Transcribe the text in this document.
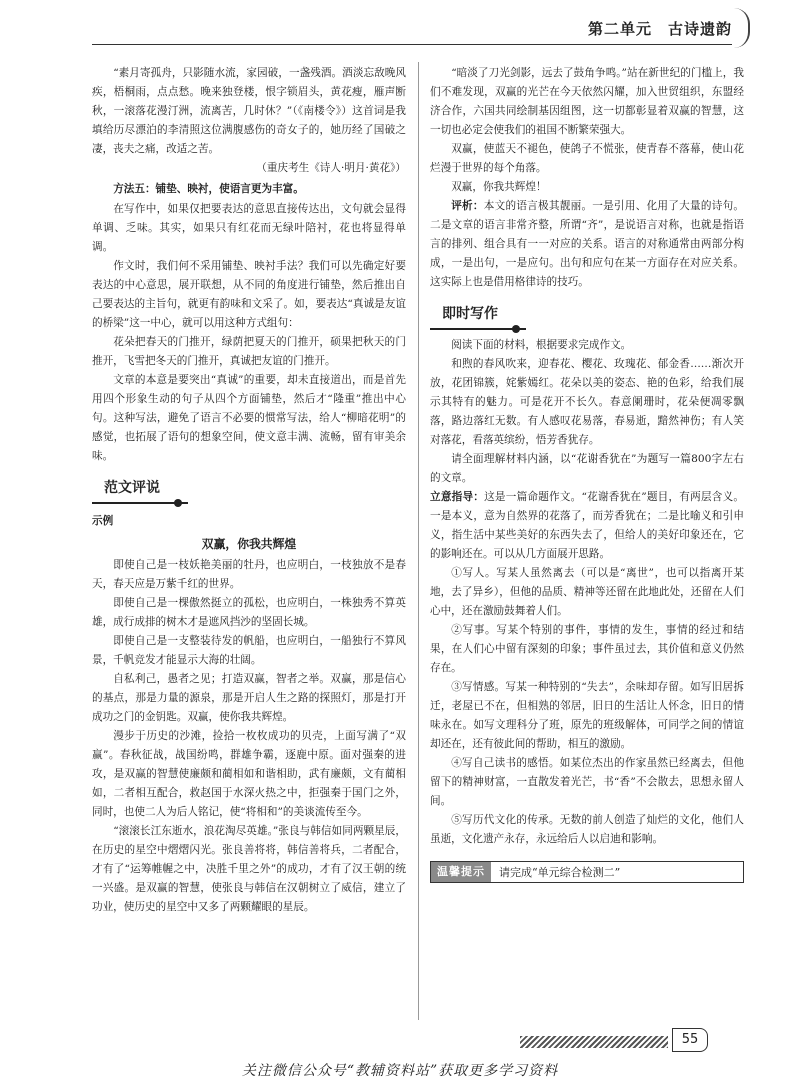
第二单元　古诗遗韵

“素月寄孤舟，只影随水流，家园破，一盏残酒。酒淡忘敌晚风疾，梧桐雨，点点愁。晚来独登楼，恨字锁眉头，黄花瘦，雁声断秋，一滚落花漫汀洲，流离苦，几时休？”（《南楼令》）这首词是我填给历尽漂泊的李清照这位满腹感伤的奇女子的，她历经了国破之凄，丧夫之痛，改适之苦。

（重庆考生《诗人·明月·黄花》）

方法五：铺垫、映衬，使语言更为丰富。

在写作中，如果仅把要表达的意思直接传达出，文句就会显得单调、乏味。其实，如果只有红花而无绿叶陪衬，花也将显得单调。

作文时，我们何不采用铺垫、映衬手法？我们可以先确定好要表达的中心意思，展开联想，从不同的角度进行铺垫，然后推出自己要表达的主旨句，就更有韵味和文采了。如，要表达“真诚是友谊的桥梁”这一中心，就可以用这种方式组句：

花朵把春天的门推开，绿荫把夏天的门推开，硕果把秋天的门推开，飞雪把冬天的门推开，真诚把友谊的门推开。

文章的本意是要突出“真诚”的重要，却未直接道出，而是首先用四个形象生动的句子从四个方面铺垫，然后才“隆重”推出中心句。这种写法，避免了语言不必要的惯常写法，给人“柳暗花明”的感觉，也拓展了语句的想象空间，使文意丰满、流畅，留有审美余味。

范文评说

示例

双赢，你我共辉煌

即使自己是一枝妖艳美丽的牡丹，也应明白，一枝独放不是春天，春天应是万紫千红的世界。

即使自己是一棵傲然挺立的孤松，也应明白，一株独秀不算英雄，成行成排的树木才是遮风挡沙的坚固长城。

即使自己是一支整装待发的帆船，也应明白，一船独行不算风景，千帆竞发才能显示大海的壮阔。

自私利己，愚者之见；打造双赢，智者之举。双赢，那是信心的基点，那是力量的源泉，那是开启人生之路的探照灯，那是打开成功之门的金钥匙。双赢，使你我共辉煌。

漫步于历史的沙滩，捡拾一枚枚成功的贝壳，上面写满了“双赢”。春秋征战，战国纷鸣，群雄争霸，逐鹿中原。面对强秦的进攻，是双赢的智慧使廉颇和蔺相如和谐相助，武有廉颇，文有蔺相如，二者相互配合，救赵国于水深火热之中，拒强秦于国门之外，同时，也使二人为后人铭记，使“将相和”的美谈流传至今。

“滚滚长江东逝水，浪花淘尽英雄。”张良与韩信如同两颗星辰，在历史的星空中熠熠闪光。张良善将将，韩信善将兵，二者配合，才有了“运筹帷幄之中，决胜千里之外”的成功，才有了汉王朝的统一兴盛。是双赢的智慧，使张良与韩信在汉朝树立了威信，建立了功业，使历史的星空中又多了两颗耀眼的星辰。

“暗淡了刀光剑影，远去了鼓角争鸣。”站在新世纪的门槛上，我们不难发现，双赢的光芒在今天依然闪耀，加入世贸组织，东盟经济合作，六国共同绘制基因组图，这一切都彰显着双赢的智慧，这一切也必定会使我们的祖国不断繁荣强大。

双赢，使蓝天不褪色，使鸽子不慌张，使青春不落幕，使山花烂漫于世界的每个角落。

双赢，你我共辉煌！

评析：本文的语言极其靓丽。一是引用、化用了大量的诗句。二是文章的语言非常齐整，所谓“齐”，是说语言对称，也就是指语言的排列、组合具有一一对应的关系。语言的对称通常由两部分构成，一是出句，一是应句。出句和应句在某一方面存在对应关系。这实际上也是借用格律诗的技巧。

即时写作

阅读下面的材料，根据要求完成作文。

和煦的春风吹来，迎春花、樱花、玫瑰花、郁金香……渐次开放，花团锦簇，姹紫嫣红。花朵以美的姿态、艳的色彩，给我们展示其特有的魅力。可是花开不长久。春意阑珊时，花朵便凋零飘落，路边落红无数。有人感叹花易落，春易逝，黯然神伤；有人笑对落花，看落英缤纷，悟芳香犹存。

请全面理解材料内涵，以“花谢香犹在”为题写一篇800字左右的文章。

立意指导：这是一篇命题作文。“花谢香犹在”题目，有两层含义。一是本义，意为自然界的花落了，而芳香犹在；二是比喻义和引申义，指生活中某些美好的东西失去了，但给人的美好印象还在，它的影响还在。可以从几方面展开思路。

①写人。写某人虽然离去（可以是“离世”，也可以指离开某地，去了异乡），但他的品质、精神等还留在此地此处，还留在人们心中，还在激励鼓舞着人们。

②写事。写某个特别的事件，事情的发生，事情的经过和结果，在人们心中留有深刻的印象；事件虽过去，其价值和意义仍然存在。

③写情感。写某一种特别的“失去”，余味却存留。如写旧居拆迁，老屋已不在，但相熟的邻居，旧日的生活让人怀念，旧日的情味永在。如写文理科分了班，原先的班级解体，可同学之间的情谊却还在，还有彼此间的帮助，相互的激励。

④写自己读书的感悟。如某位杰出的作家虽然已经离去，但他留下的精神财富，一直散发着光芒，书“香”不会散去，思想永留人间。

⑤写历代文化的传承。无数的前人创造了灿烂的文化，他们人虽逝，文化遗产永存，永远给后人以启迪和影响。

温馨提示	请完成“单元综合检测二”
55
关注微信公众号“教辅资料站”获取更多学习资料
